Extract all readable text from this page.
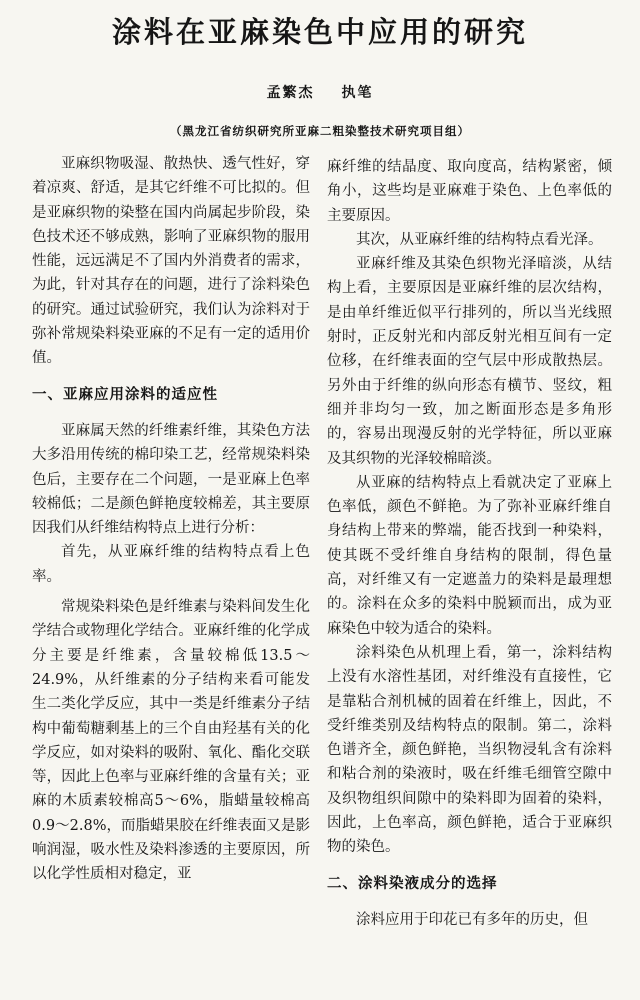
涂料在亚麻染色中应用的研究
孟繁杰 执笔
（黑龙江省纺织研究所亚麻二粗染整技术研究项目组）

亚麻织物吸湿、散热快、透气性好，穿着凉爽、舒适，是其它纤维不可比拟的。但是亚麻织物的染整在国内尚属起步阶段，染色技术还不够成熟，影响了亚麻织物的服用性能，远远满足不了国内外消费者的需求，为此，针对其存在的问题，进行了涂料染色的研究。通过试验研究，我们认为涂料对于弥补常规染料染亚麻的不足有一定的适用价值。

一、亚麻应用涂料的适应性

亚麻属天然的纤维素纤维，其染色方法大多沿用传统的棉印染工艺，经常规染料染色后，主要存在二个问题，一是亚麻上色率较棉低；二是颜色鲜艳度较棉差，其主要原因我们从纤维结构特点上进行分析：

首先，从亚麻纤维的结构特点看上色率。

常规染料染色是纤维素与染料间发生化学结合或物理化学结合。亚麻纤维的化学成分主要是纤维素，含量较棉低13.5～24.9%，从纤维素的分子结构来看可能发生二类化学反应，其中一类是纤维素分子结构中葡萄糖剩基上的三个自由羟基有关的化学反应，如对染料的吸附、氧化、酯化交联等，因此上色率与亚麻纤维的含量有关；亚麻的木质素较棉高5～6%，脂蜡量较棉高0.9～2.8%，而脂蜡果胶在纤维表面又是影响润湿，吸水性及染料渗透的主要原因，所以化学性质相对稳定，亚

麻纤维的结晶度、取向度高，结构紧密，倾角小，这些均是亚麻难于染色、上色率低的主要原因。

其次，从亚麻纤维的结构特点看光泽。

亚麻纤维及其染色织物光泽暗淡，从结构上看，主要原因是亚麻纤维的层次结构，是由单纤维近似平行排列的，所以当光线照射时，正反射光和内部反射光相互间有一定位移，在纤维表面的空气层中形成散热层。另外由于纤维的纵向形态有横节、竖纹，粗细并非均匀一致，加之断面形态是多角形的，容易出现漫反射的光学特征，所以亚麻及其织物的光泽较棉暗淡。

从亚麻的结构特点上看就决定了亚麻上色率低，颜色不鲜艳。为了弥补亚麻纤维自身结构上带来的弊端，能否找到一种染料，使其既不受纤维自身结构的限制，得色量高，对纤维又有一定遮盖力的染料是最理想的。涂料在众多的染料中脱颖而出，成为亚麻染色中较为适合的染料。

涂料染色从机理上看，第一，涂料结构上没有水溶性基团，对纤维没有直接性，它是靠粘合剂机械的固着在纤维上，因此，不受纤维类别及结构特点的限制。第二，涂料色谱齐全，颜色鲜艳，当织物浸轧含有涂料和粘合剂的染液时，吸在纤维毛细管空隙中及织物组织间隙中的染料即为固着的染料，因此，上色率高，颜色鲜艳，适合于亚麻织物的染色。

二、涂料染液成分的选择

涂料应用于印花已有多年的历史，但
